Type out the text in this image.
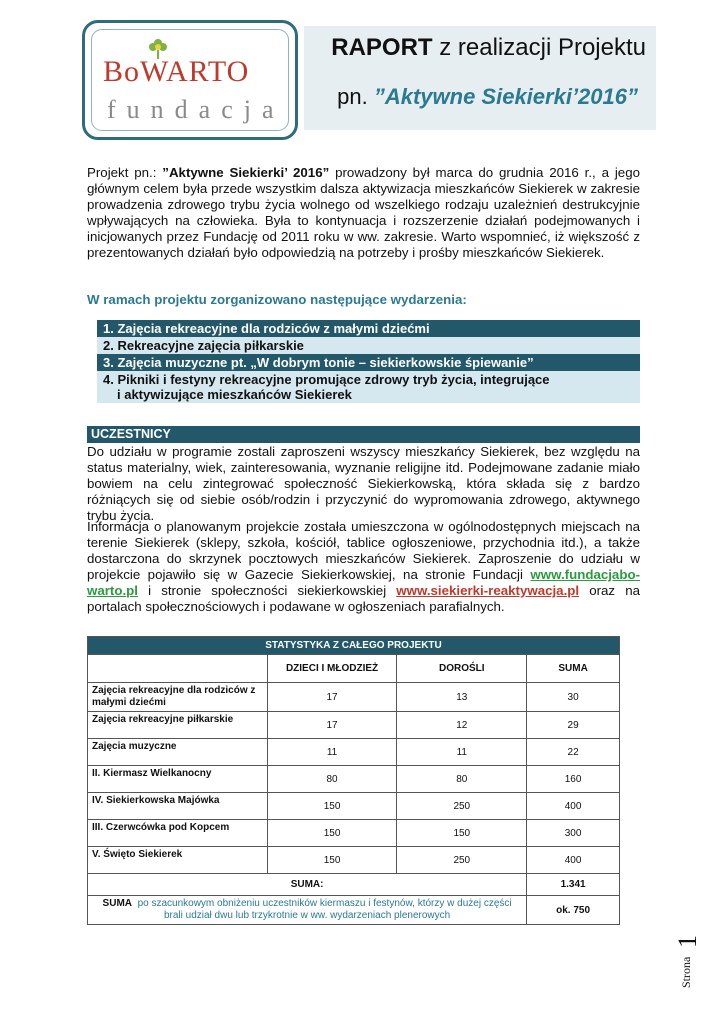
BoWARTO
fundacja
RAPORT z realizacji Projektu
pn. ”Aktywne Siekierki’2016”
Projekt pn.: ”Aktywne Siekierki’ 2016” prowadzony był marca do grudnia 2016 r., a jego głównym celem była przede wszystkim dalsza aktywizacja mieszkańców Siekierek w zakresie prowadzenia zdrowego trybu życia wolnego od wszelkiego rodzaju uzależnień destrukcyjnie wpływających na człowieka. Była to kontynuacja i rozszerzenie działań podejmowanych i inicjowanych przez Fundację od 2011 roku w ww. zakresie. Warto wspomnieć, iż większość z prezentowanych działań było odpowiedzią na potrzeby i prośby mieszkańców Siekierek.
W ramach projektu zorganizowano następujące wydarzenia:
1. Zajęcia rekreacyjne dla rodziców z małymi dziećmi
2. Rekreacyjne zajęcia piłkarskie
3. Zajęcia muzyczne pt. „W dobrym tonie – siekierkowskie śpiewanie”
4. Pikniki i festyny rekreacyjne promujące zdrowy tryb życia, integrujące
i aktywizujące mieszkańców Siekierek
UCZESTNICY
Do udziału w programie zostali zaproszeni wszyscy mieszkańcy Siekierek, bez względu na status materialny, wiek, zainteresowania, wyznanie religijne itd. Podejmowane zadanie miało bowiem na celu zintegrować społeczność Siekierkowską, która składa się z bardzo różniących się od siebie osób/rodzin i przyczynić do wypromowania zdrowego, aktywnego trybu życia.
Informacja o planowanym projekcie została umieszczona w ogólnodostępnych miejscach na terenie Siekierek (sklepy, szkoła, kościół, tablice ogłoszeniowe, przychodnia itd.), a także dostarczona do skrzynek pocztowych mieszkańców Siekierek. Zaproszenie do udziału w projekcie pojawiło się w Gazecie Siekierkowskiej, na stronie Fundacji www.fundacjabo-warto.pl i stronie społeczności siekierkowskiej www.siekierki-reaktywacja.pl oraz na portalach społecznościowych i podawane w ogłoszeniach parafialnych.
STATYSTYKA Z CAŁEGO PROJEKTU			
	DZIECI I MŁODZIEŻ	DOROŚLI	SUMA
Zajęcia rekreacyjne dla rodziców z małymi dziećmi	17	13	30
Zajęcia rekreacyjne piłkarskie	17	12	29
Zajęcia muzyczne	11	11	22
II. Kiermasz Wielkanocny	80	80	160
IV. Siekierkowska Majówka	150	250	400
III. Czerwcówka pod Kopcem	150	150	300
V. Święto Siekierek	150	250	400
SUMA:			1.341
SUMA po szacunkowym obniżeniu uczestników kiermaszu i festynów, którzy w dużej części brali udział dwu lub trzykrotnie w ww. wydarzeniach plenerowych			ok. 750
Strona
1
